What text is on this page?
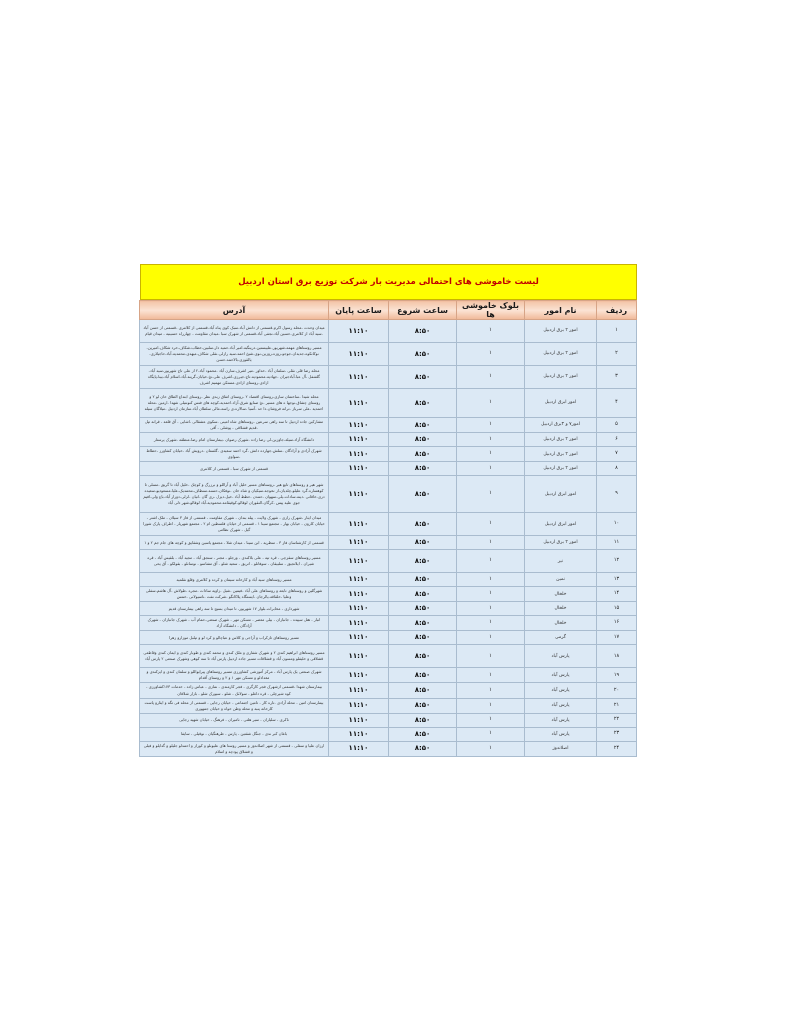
لیست خاموشی های احتمالی مدیریت بار شرکت توزیع برق استان اردبیل
ردیف	نام امور	بلوک خاموشی ها	ساعت شروع	ساعت پایان	آدرس
۱	امور ۲ برق اردبیل	۱	۸:۵۰	۱۱:۱۰	میدان وحدت -محله رسول اکرم-قسمتی از دانش آباد-سبک کوی پناه آباد-قسمتی از کلانتری -قسمتی از حسن آباد -سید آباد از کلانتری-حسین آباد-نجفی آباد-قسمتی از شهرک سبا -میدان مقاومت - چهارراه حسینیه - میدان قیام
۲	امور ۲ برق اردبیل	۱	۸:۵۰	۱۱:۱۰	مسیر روستاهای مهمه-شهریور-علیبستین-درینگبه-امیر آباد-حمید دار-سلبین-خطاب-شکاف-خرد شکاف-امیرین-نوکانکوه-جدیدان-جوجو-روزه-روزین-نوی-شیخ احمد-سید رازلی-نقلی شکاف-میهدی-محمدیه-آباد-حاجیلاری-یالقوزی-بالاحمد-حسن
۳	امور ۲ برق اردبیل	۱	۸:۵۰	۱۱:۱۰	محله رضا قلی نقلی -سلمان آباد -خداور -میر اشرف-سارن آباد -محمود آباد-۲ از علی تاج شهریور-سید آباد-گلشفل -آل عبا-آبادجیران -جهادیه-محمودیه-تاج-جیرزی-اشرف علی-نخ-خیابان-گرینه-آباد-اسلام آباد-بینا-پایگاه ازادی-روستای ازادی-مستکن مهمیم اشرف
۴	امور ابرق اردبیل	۱	۸:۵۰	۱۱:۱۰	محله شیدا -ساختمان سازی-روستای اقتصاد ۲ -روستای اتفاق زبدی نظر -روستای ابتداع الطاق خان لو ۲ و روستای چشاق-نوجها ه های مسیر -نخ صنایع شرق-آزاد-احمدیه-کوچه های فنس کنونتیلی شهدا -ارمین -محله احمدیه -علی سرباز -ترانه فروشان-دا حد -آسیا -سالاره-ی راسه-مالی سلطان آباد-سازمان اردبیل -میلاگان سیله
۵	امور۷ و ۳برق اردبیل	۱	۸:۵۰	۱۱:۱۰	مشارکین جاده اردبیل تا سه راهی سرعین -روستاهای شاه امینی -سکوی عشقالی -اشایی - آق قلعه - قرانه تپل -قدیم قشلاقی - پوشلی - آقی
۶	امور ۲ برق اردبیل	۱	۸:۵۰	۱۱:۱۰	دانشگاه آزاد-سیله-جاوزین-لی رضا زاده -شهرک رضوان -بیمارستان امام رضا-منطقه -شهرک پرستار
۷	امور ۲ برق اردبیل	۱	۸:۵۰	۱۱:۱۰	شهرک آزادی و آزادگان -سلش-جهارده دانش -گرد احمد سعیدی -گلستان -درویش آباد -خیابان کشاورز -حطاط -سواوی
۸	امور ۲ برق اردبیل	۱	۸:۵۰	۱۱:۱۰	قسمتی از شهرک سبا - قسمتی از کلانتری
۹	امور ابرق اردبیل	۱	۸:۵۰	۱۱:۱۰	شهر هیر و روستاهای تابع هیر -روستاهای مسیر خلیل آباد و آراللو و برزرگ و کوچک -خلیل آباد تا گریق -مسلی تا کوهساره-گرد علیلو-چلدیان-از نخوجه-سیکیان و شاه خان -نوفکان-حسنه-سنطاف-محمدیک-علیا-مسعودیو-سعیده دری-خاقانی -دینه-سادات-یلی-سهوان -حمدن -حطط آباد -خیل-دیزل -ری گان -انیان -لزلی-دورار آباد-باع ولی-افیم جوی علیه پیس -کرگان-النقوران لوقالو-کوقیقامه-محمودیه-آباد لوقالو-شهر دلی آباد
۱۰	امور ابرق اردبیل	۱	۸:۵۰	۱۱:۱۰	میدان ایثار -شهرک رازی - شهرک ولایت - پیله بندان - شهرک مقاومت - قسمتی از فاز ۳ سیلان - ملک اشتر - خیابان کارون - خیابان بهار - مجتمع سینا ۱ - قسمتی از خیابان فلسطین ام ۲ - مجتمع شهریار - اطراف پارک شورا گیل - شهرک نظامی
۱۱	امور ۲ برق اردبیل	۱	۸:۵۰	۱۱:۱۰	قسمتی از کارشناسان فاز ۳ - منظریه - ابن سینا - میدان شلا - مجتمع یاسین وشقایق و کوچه های جام جم ۲ و ۱
۱۲	نیر	۱	۸:۵۰	۱۱:۱۰	مسیر روستاهای سقزچی - قره تپه - علی بلاکندی - ورجلو - مجنر - سنجق آباد - مجید آباد - بلقیس آباد - قره شیران - ایلانجیق - سلبیقان - سوفانلو - اتریق - سعید شلو - آق مشاسو - نوسانلو - بقولکو - آق یحی
۱۳	نمین	۱	۸:۵۰	۱۱:۱۰	مسیر روستاهای سید آباد و کارخانه سیمان و کرده و کلانتری وقلع نقلمید
۱۴	خلخال	۱	۸:۵۰	۱۱:۱۰	شهرگلین و روستاهای تابعه و روستاهای علی آباد -فیمین -شیل -زاویه سادات -مجره -طولاش -آل هاشم-سفلی وعلیا -خلقاقه-یالرجان -ایستگاه پلاکانگو -شرکت نفت -ناسیولانی -خمس
۱۵	خلخال	۱	۸:۵۰	۱۱:۱۰	شهرداری - مخابرات-بلوار ۱۷ شهریور- تا میدان بسیج تا سه راهی بیمارستان قدیم
۱۶	خلخال	۱	۸:۵۰	۱۱:۱۰	انبار - هتل سپیده - جانبازان - بیلی معصر - مسکن مهر - شهرک صنعتی-حمام آب - شهرک جانبازان - شهرک آزادگان - دانشگاه آزاد
۱۷	گرمی	۱	۸:۵۰	۱۱:۱۰	مسیر روستاهای تازکراب و آزاجی و کلاس و عباچالو و کرد لو و تپلبل موزارو زهرا
۱۸	پارس آباد	۱	۸:۵۰	۱۱:۱۰	مسیر روستاهای ابراهیم کندی ۲ و شهرک شفاری و ملک کندی و محمد کندی و طوبار کندی و ایمان کندی وقاطعی قشلاقی و خلیفلو ومسون آباد و قشلاقات مسیر جاده اردبیل پارس آباد تا سه کوهی وشهرک صنعتی ۲ پارس آباد
۱۹	پارس آباد	۱	۸:۵۰	۱۱:۱۰	شهرک صنعتی یک پارس آباد - مرکز آموزشی کشاورزی مسیر روستاهای پیرایواللو و سلمان کندی و ایزکندی و مغدادلو و مسکن مهر ۱ و ۲ و روستای آقدام
۲۰	پارس آباد	۱	۸:۵۰	۱۱:۱۰	بیمارستان شهدا -قسمتی ازشهرک فجر کارگری - فجر کارمندی - نمازی - عباس زاده - خدمات ۱۷۳کشاورزی - کوه شیرچلی - قره داغلو - سولانک - شلو - سیورک شلو - بازار شلاقان
۲۱	پارس آباد	۱	۸:۵۰	۱۱:۱۰	بیمارستان امین - محله آزادی -تاره کار - تامین اجتماعی - خیابان رجایی - قسمتی از محله فی تگه و ایثارو پاست کارخانه پنبه و محله وطن خواه و خیابان جمهوری
۲۲	پارس آباد	۱	۸:۵۰	۱۱:۱۰	ناکری - سلیاران - سیر هلتی - نامیران - فرهنگ - خیابان شهید رجایی
۲۳	پارس آباد	۱	۸:۵۰	۱۱:۱۰	باغان کبر ندی - جنگل شقتین - پارس - طرهنگیان - نوقیلی - سایفا
۲۴	اصلاندوز	۱	۸:۵۰	۱۱:۱۰	ارزان علیا و سفلی - قسمتی از شهر اصلاندوز و مسیر روستا های علیونلو و کوراز و احمدلو جلیلو و گدایلو و فیلی و قشلاق پودچه و اسلام
